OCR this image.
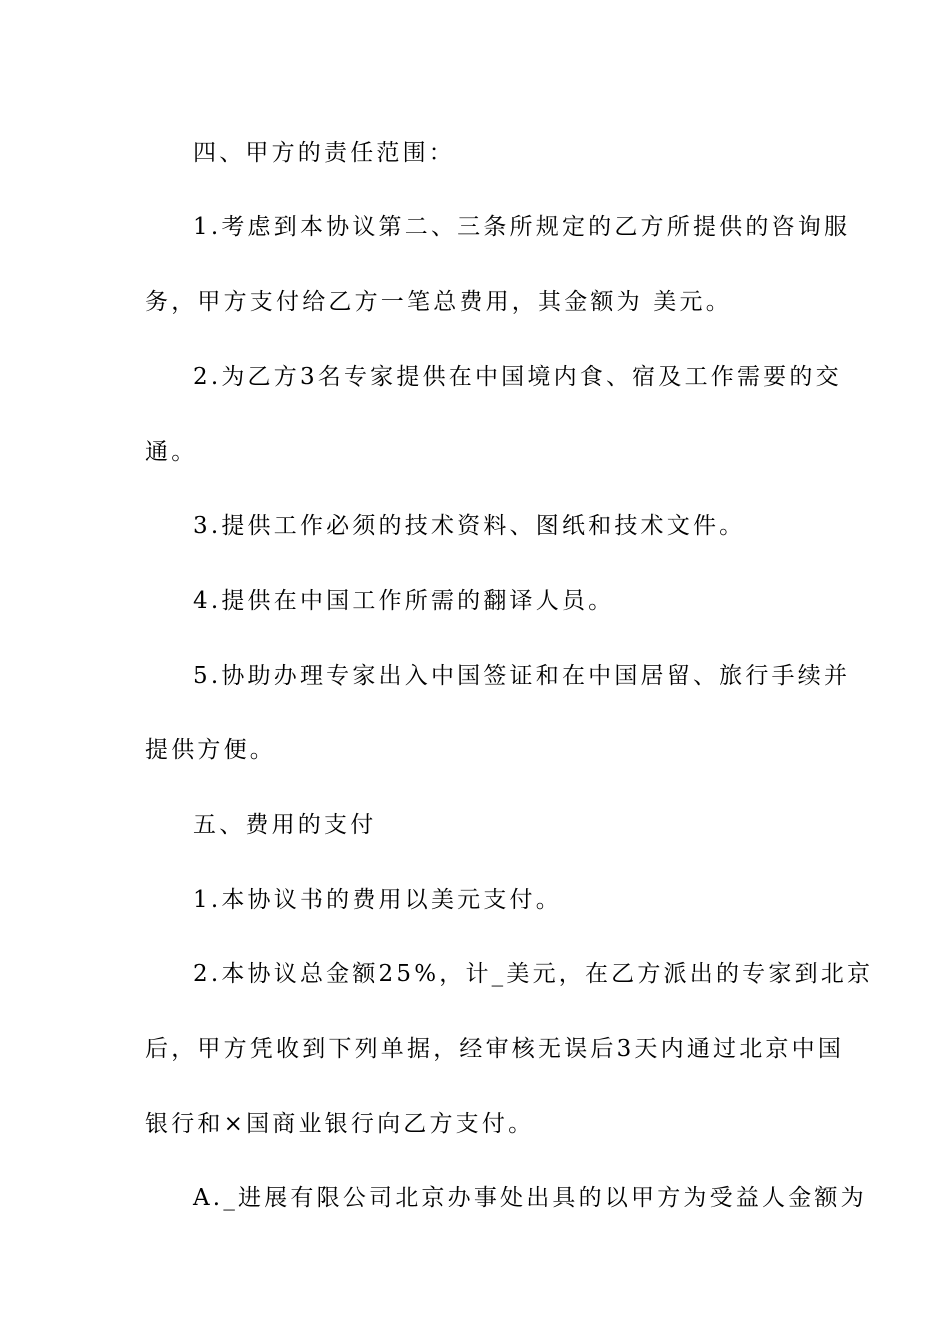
四、甲方的责任范围：
1.考虑到本协议第二、三条所规定的乙方所提供的咨询服
务，甲方支付给乙方一笔总费用，其金额为 美元。
2.为乙方3名专家提供在中国境内食、宿及工作需要的交
通。
3.提供工作必须的技术资料、图纸和技术文件。
4.提供在中国工作所需的翻译人员。
5.协助办理专家出入中国签证和在中国居留、旅行手续并
提供方便。
五、费用的支付
1.本协议书的费用以美元支付。
2.本协议总金额25%，计_美元，在乙方派出的专家到北京
后，甲方凭收到下列单据，经审核无误后3天内通过北京中国
银行和×国商业银行向乙方支付。
A._进展有限公司北京办事处出具的以甲方为受益人金额为
